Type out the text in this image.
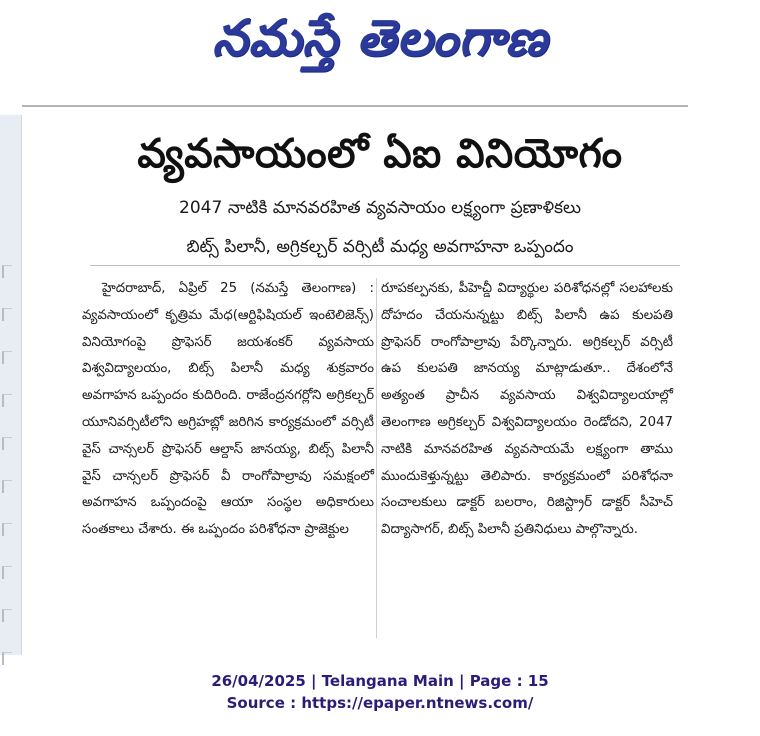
నమస్తే తెలంగాణ
వ్యవసాయంలో ఏఐ వినియోగం
2047 నాటికి మానవరహిత వ్యవసాయం లక్ష్యంగా ప్రణాళికలు
బిట్స్ పిలానీ, అగ్రికల్చర్ వర్సిటీ మధ్య అవగాహనా ఒప్పందం
హైదరాబాద్, ఏప్రిల్ 25 (నమస్తే తెలంగాణ) : వ్యవసాయంలో కృత్రిమ మేధ(ఆర్టిఫిషియల్ ఇంటెలిజెన్స్) వినియోగంపై ప్రొఫెసర్ జయశంకర్ వ్యవసాయ విశ్వవిద్యాలయం, బిట్స్ పిలానీ మధ్య శుక్రవారం అవగాహన ఒప్పందం కుదిరింది. రాజేంద్రనగర్లోని అగ్రికల్చర్ యూనివర్సిటీలోని అగ్రిహబ్లో జరిగిన కార్యక్రమంలో వర్సిటీ వైస్ చాన్సలర్ ప్రొఫెసర్ ఆల్దాస్ జానయ్య, బిట్స్ పిలానీ వైస్ చాన్సలర్ ప్రొఫెసర్ వీ రాంగోపాల్రావు సమక్షంలో అవగాహన ఒప్పందంపై ఆయా సంస్థల అధికారులు సంతకాలు చేశారు. ఈ ఒప్పందం పరిశోధనా ప్రాజెక్టుల
రూపకల్పనకు, పీహెచ్డీ విద్యార్థుల పరిశోధనల్లో సలహాలకు దోహదం చేయనున్నట్టు బిట్స్ పిలానీ ఉప కులపతి ప్రొఫెసర్ రాంగోపాల్రావు పేర్కొన్నారు. అగ్రికల్చర్ వర్సిటీ ఉప కులపతి జానయ్య మాట్లాడుతూ.. దేశంలోనే అత్యంత ప్రాచీన వ్యవసాయ విశ్వవిద్యాలయాల్లో తెలంగాణ అగ్రికల్చర్ విశ్వవిద్యాలయం రెండోదని, 2047 నాటికి మానవరహిత వ్యవసాయమే లక్ష్యంగా తాము ముందుకెళ్తున్నట్టు తెలిపారు. కార్యక్రమంలో పరిశోధనా సంచాలకులు డాక్టర్ బలరాం, రిజిస్ట్రార్ డాక్టర్ సీహెచ్ విద్యాసాగర్, బిట్స్ పిలానీ ప్రతినిధులు పాల్గొన్నారు.
26/04/2025 | Telangana Main | Page : 15
Source : https://epaper.ntnews.com/
